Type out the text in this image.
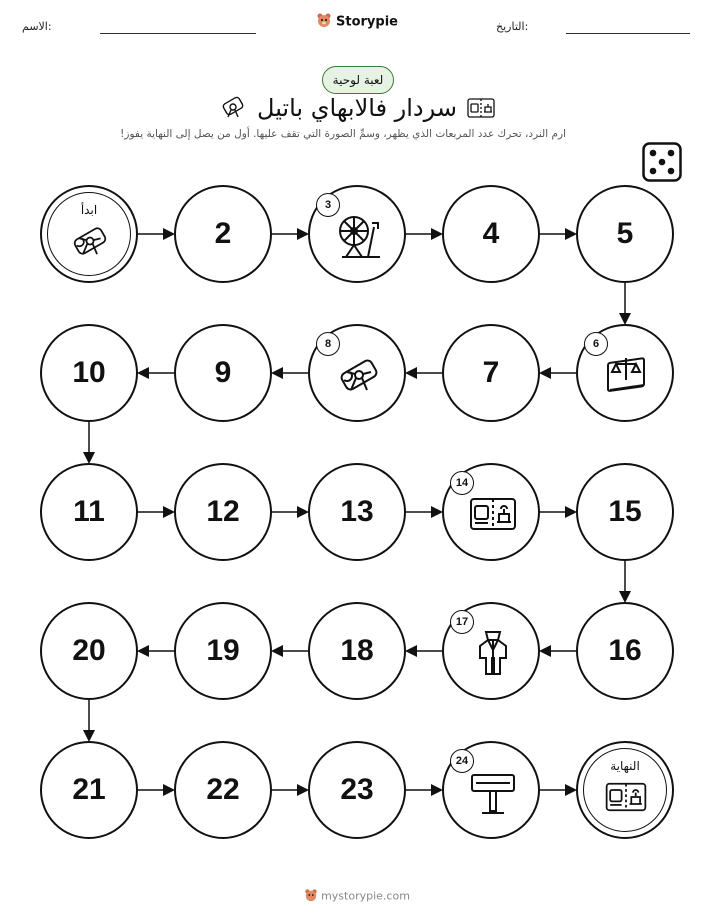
الاسم:	Storypie	التاريخ:
لعبة لوحية
سردار فالابهاي باتيل
ارم النرد، تحرك عدد المربعات الذي يظهر، وسمِّ الصورة التي تقف عليها. أول من يصل إلى النهاية يفوز!
ابدأ
2
3
4	5
6
7
8
9
10
11	12	13
14
15
16
17
18
19
20
21	22	23
24	النهاية
mystorypie.com
